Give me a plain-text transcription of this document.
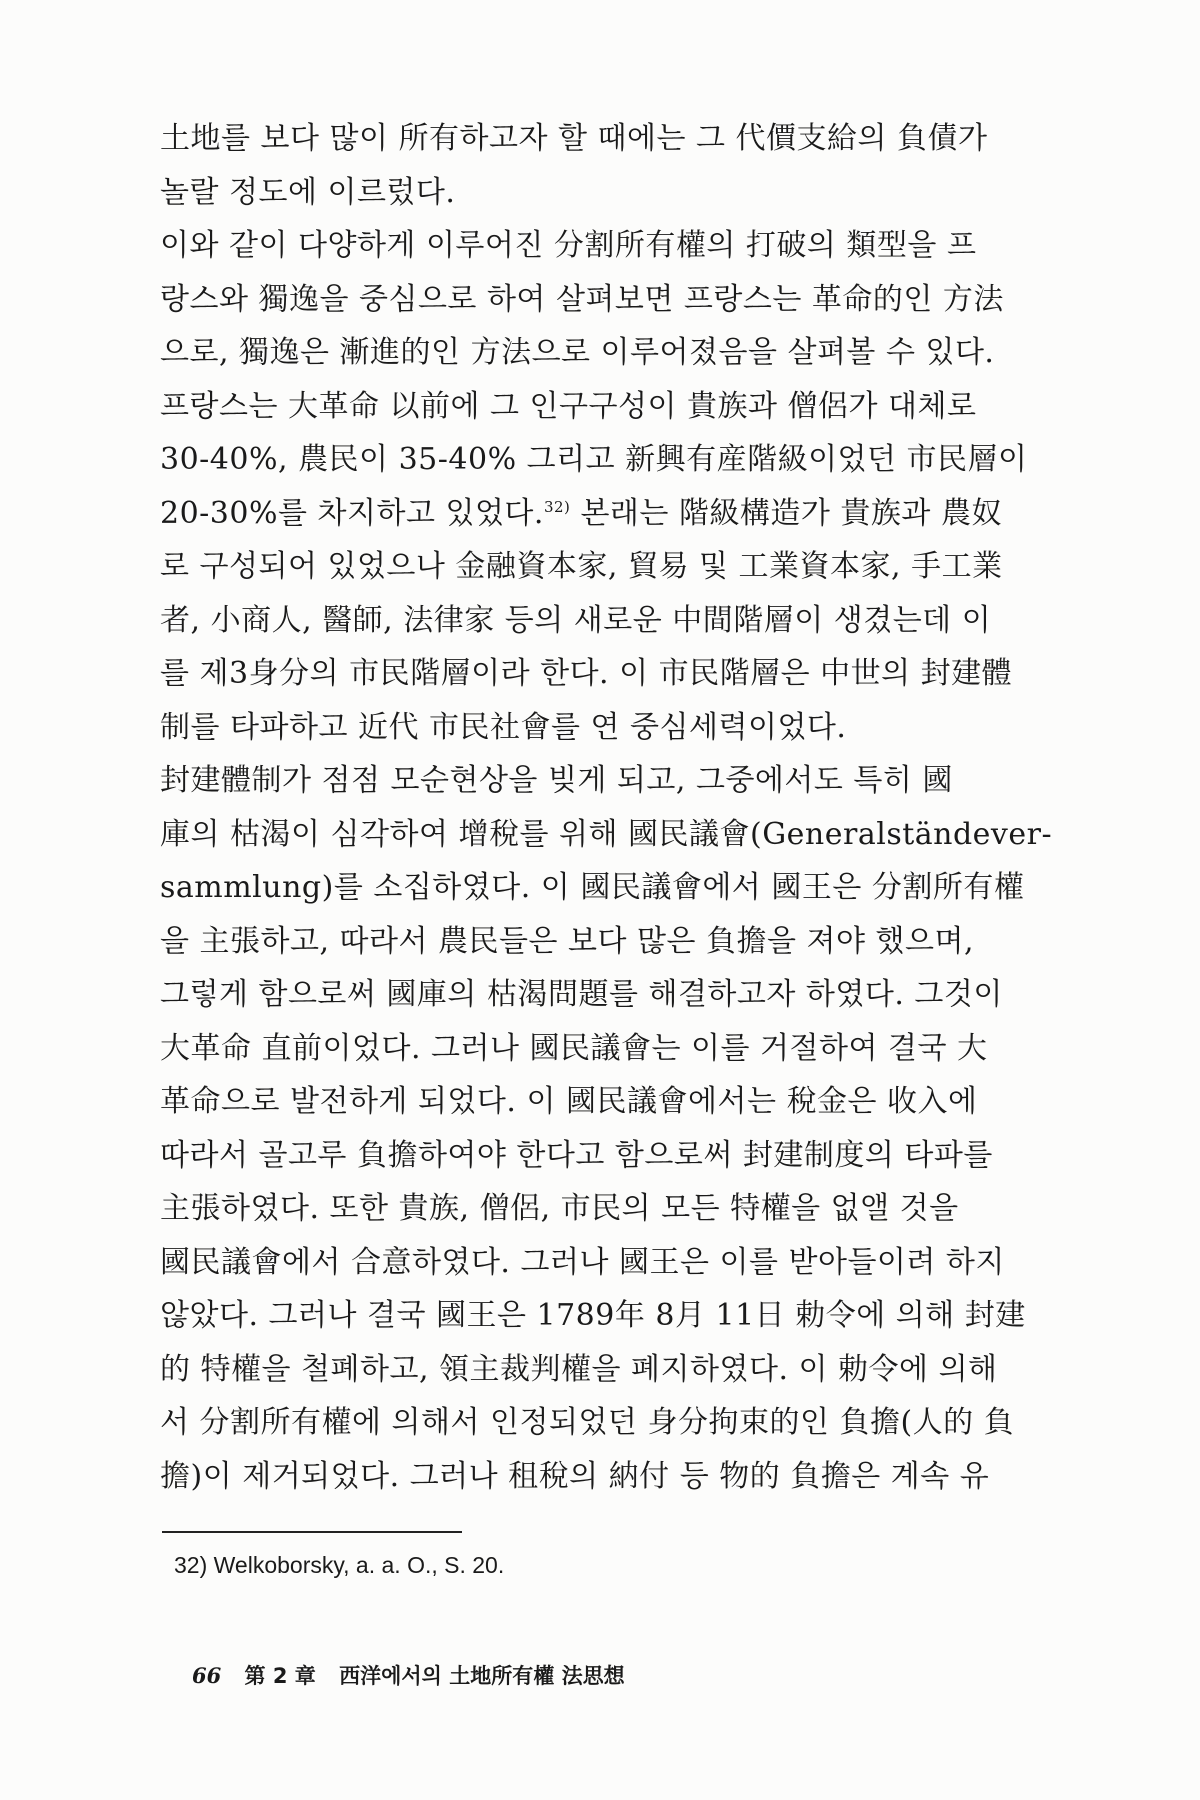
土地를 보다 많이 所有하고자 할 때에는 그 代價支給의 負債가
놀랄 정도에 이르렀다.
이와 같이 다양하게 이루어진 分割所有權의 打破의 類型을 프
랑스와 獨逸을 중심으로 하여 살펴보면 프랑스는 革命的인 方法
으로, 獨逸은 漸進的인 方法으로 이루어졌음을 살펴볼 수 있다.
프랑스는 大革命 以前에 그 인구구성이 貴族과 僧侶가 대체로
30-40%, 農民이 35-40% 그리고 新興有産階級이었던 市民層이
20-30%를 차지하고 있었다.$^{32)}$ 본래는 階級構造가 貴族과 農奴
로 구성되어 있었으나 金融資本家, 貿易 및 工業資本家, 手工業
者, 小商人, 醫師, 法律家 등의 새로운 中間階層이 생겼는데 이
를 제3身分의 市民階層이라 한다. 이 市民階層은 中世의 封建體
制를 타파하고 近代 市民社會를 연 중심세력이었다.
封建體制가 점점 모순현상을 빚게 되고, 그중에서도 특히 國
庫의 枯渴이 심각하여 增稅를 위해 國民議會(Generalständever-
sammlung)를 소집하였다. 이 國民議會에서 國王은 分割所有權
을 主張하고, 따라서 農民들은 보다 많은 負擔을 져야 했으며,
그렇게 함으로써 國庫의 枯渴問題를 해결하고자 하였다. 그것이
大革命 直前이었다. 그러나 國民議會는 이를 거절하여 결국 大
革命으로 발전하게 되었다. 이 國民議會에서는 稅金은 收入에
따라서 골고루 負擔하여야 한다고 함으로써 封建制度의 타파를
主張하였다. 또한 貴族, 僧侶, 市民의 모든 特權을 없앨 것을
國民議會에서 合意하였다. 그러나 國王은 이를 받아들이려 하지
않았다. 그러나 결국 國王은 1789年 8月 11日 勅令에 의해 封建
的 特權을 철폐하고, 領主裁判權을 폐지하였다. 이 勅令에 의해
서 分割所有權에 의해서 인정되었던 身分拘束的인 負擔(人的 負
擔)이 제거되었다. 그러나 租稅의 納付 등 物的 負擔은 계속 유
32) Welkoborsky, a. a. O., S. 20.
66 第 2 章 西洋에서의 土地所有權 法思想
